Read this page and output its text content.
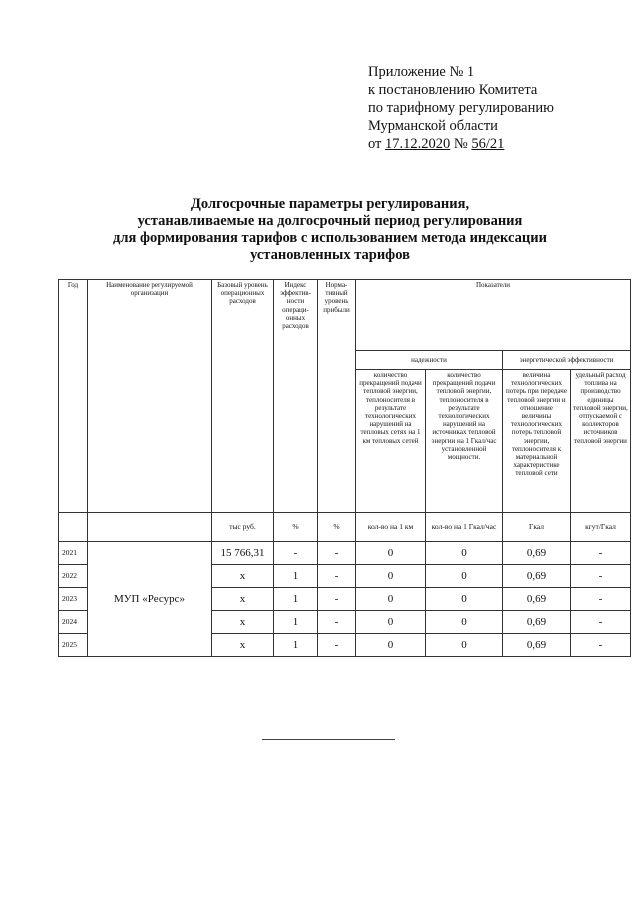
Приложение № 1
к постановлению Комитета
по тарифному регулированию
Мурманской области
от 17.12.2020 № 56/21
Долгосрочные параметры регулирования,
устанавливаемые на долгосрочный период регулирования
для формирования тарифов с использованием метода индексации
установленных тарифов
Год	Наименование регулируемой организации	Базовый уровень операционных расходов	Индекс эффектив-ности операци-онных расходов	Норма-тивный уровень прибыли	Показатели			
					надежности		энергетической эффективности	
					количество прекращений подачи тепловой энергии, теплоносителя в результате технологических нарушений на тепловых сетях на 1 км тепловых сетей	количество прекращений подачи тепловой энергии, теплоносителя в результате технологических нарушений на источниках тепловой энергии на 1 Гкал/час установленной мощности.	величина технологических потерь при передаче тепловой энергии и отношение величины технологических потерь тепловой энергии, теплоносителя к материальной характеристике тепловой сети	удельный расход топлива на производство единицы тепловой энергии, отпускаемой с коллекторов источников тепловой энергии
		тыс руб.	%	%	кол-во на 1 км	кол-во на 1 Гкал/час	Гкал	кгут/Гкал
2021	МУП «Ресурс»	15 766,31	-	-	0	0	0,69	-
2022		x	1	-	0	0	0,69	-
2023		x	1	-	0	0	0,69	-
2024		x	1	-	0	0	0,69	-
2025		x	1	-	0	0	0,69	-
